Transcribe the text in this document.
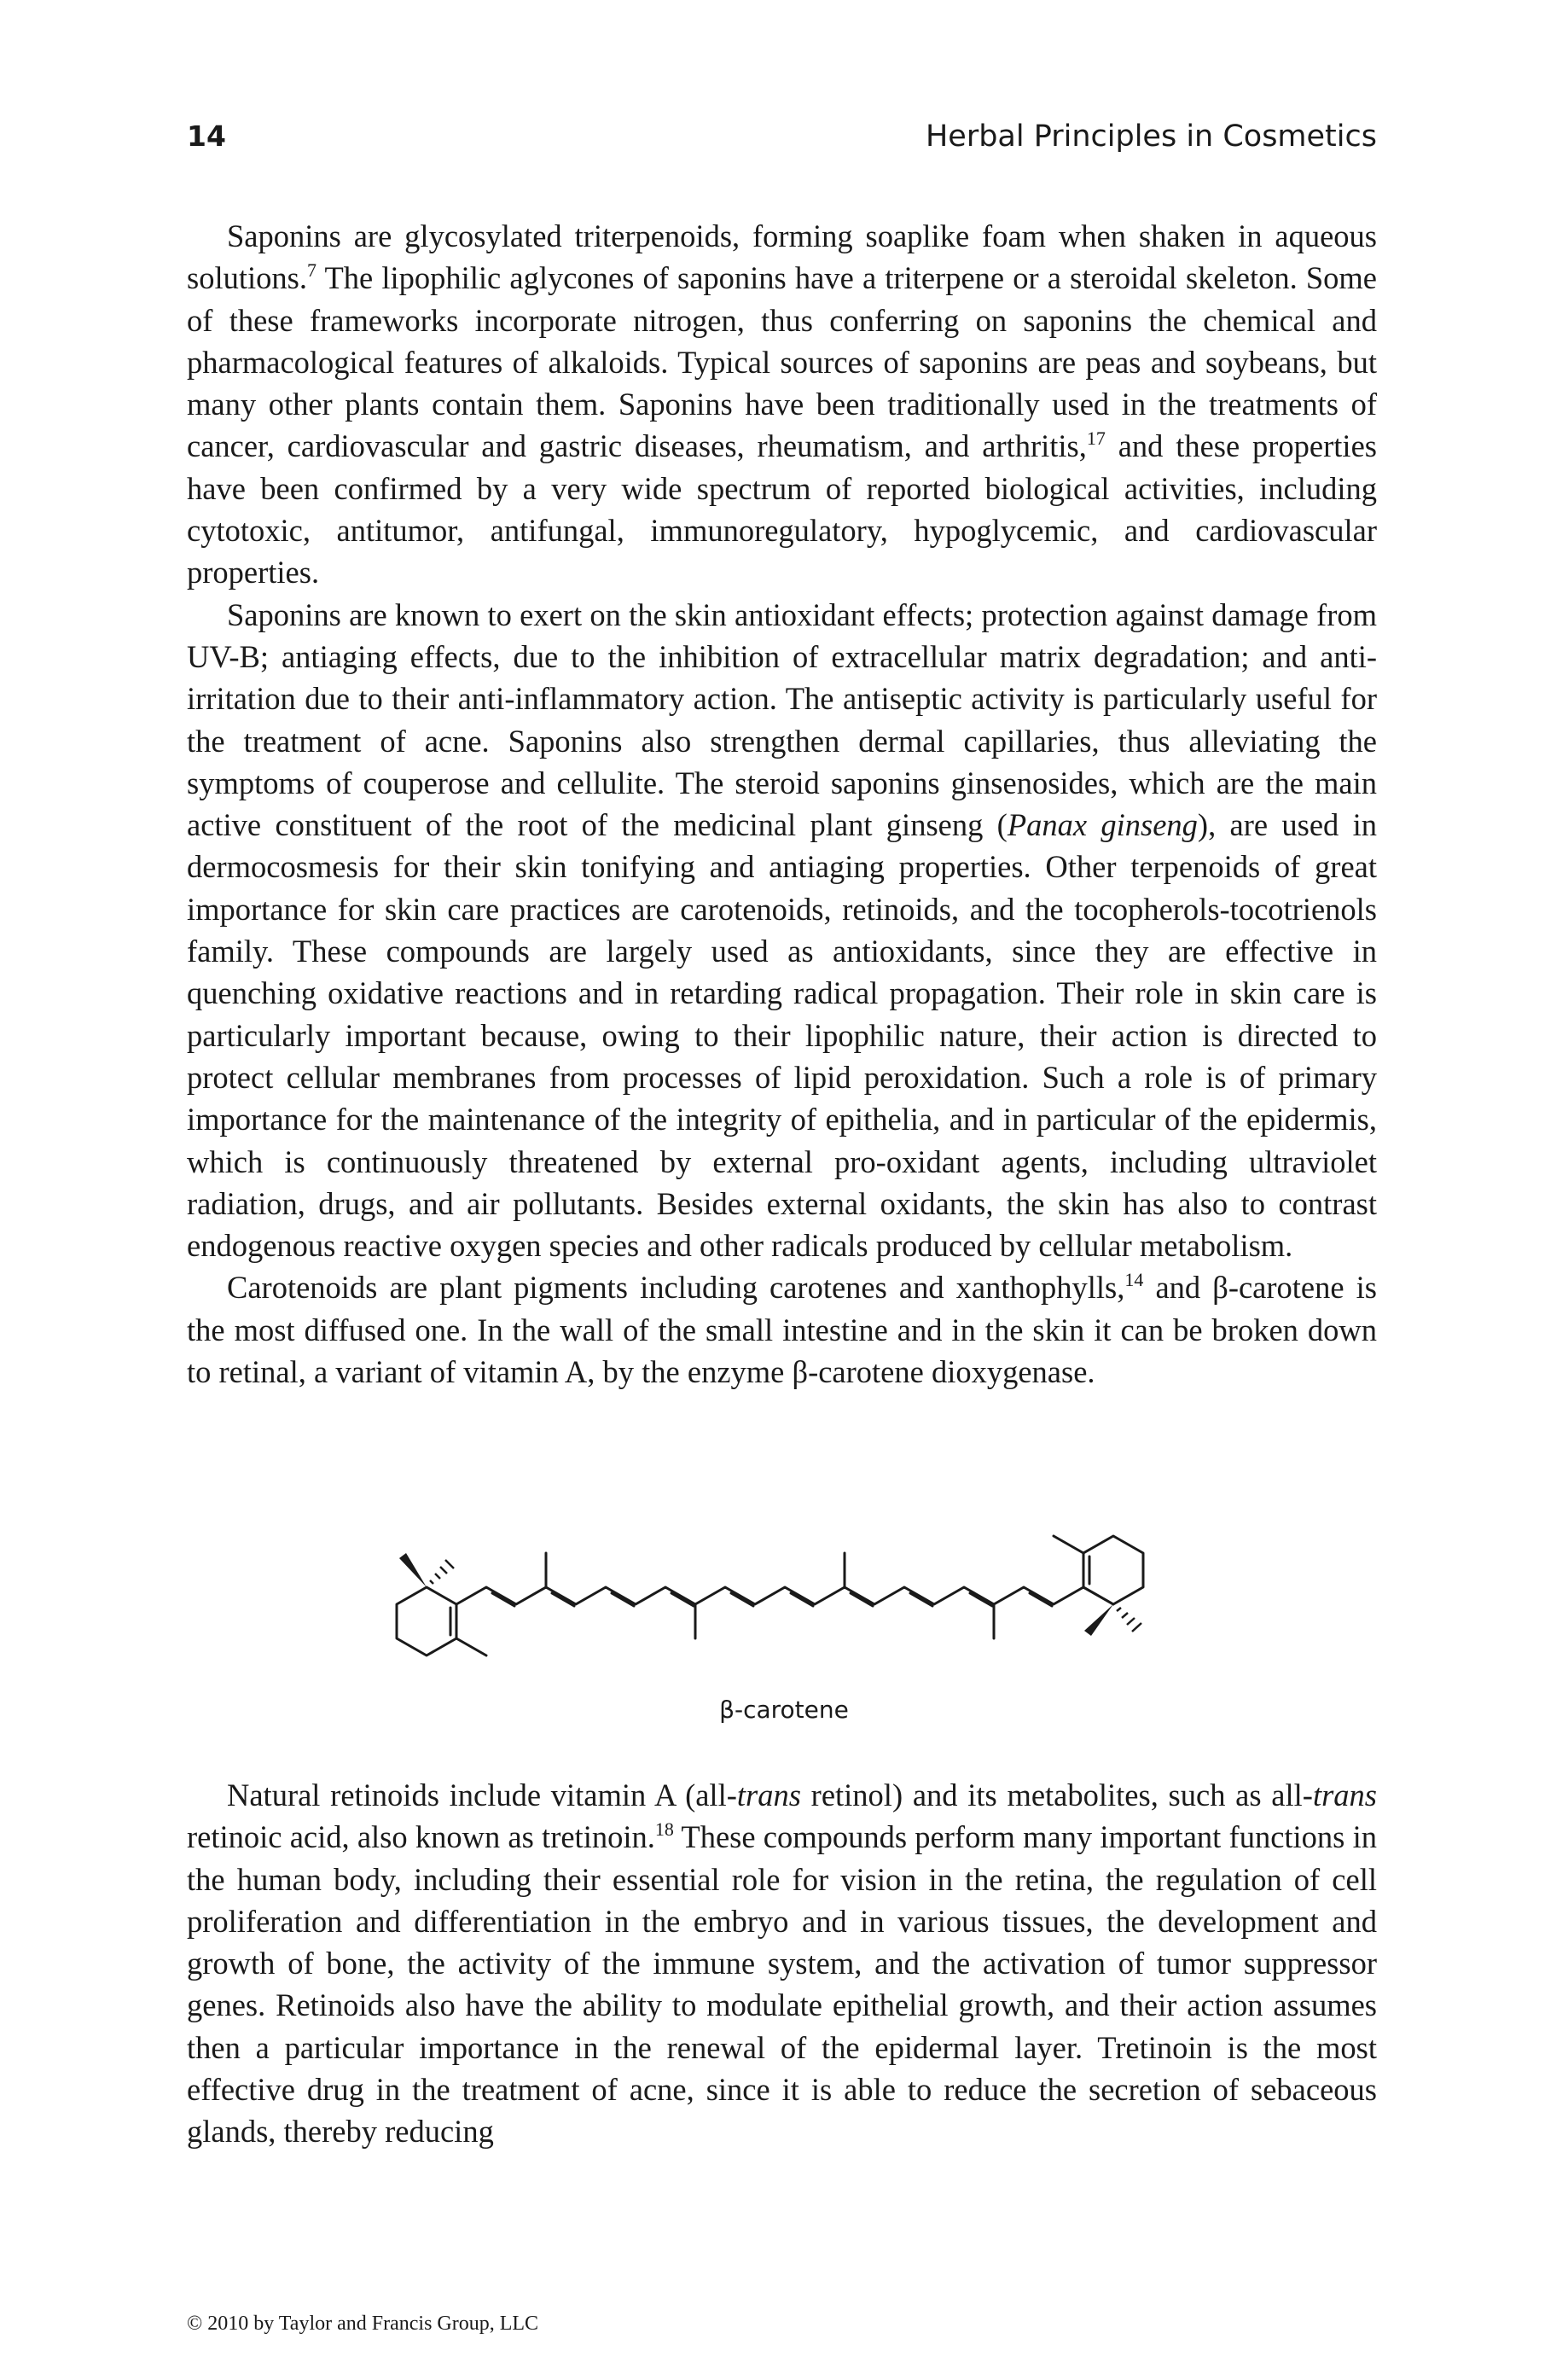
14	Herbal Principles in Cosmetics

Saponins are glycosylated triterpenoids, forming soaplike foam when shaken in aqueous solutions.$^7$ The lipophilic aglycones of saponins have a triterpene or a steroidal skeleton. Some of these frameworks incorporate nitrogen, thus conferring on saponins the chemical and pharmacological features of alkaloids. Typical sources of saponins are peas and soybeans, but many other plants contain them. Saponins have been traditionally used in the treatments of cancer, cardiovascular and gastric diseases, rheumatism, and arthritis,$^{17}$ and these properties have been confirmed by a very wide spectrum of reported biological activities, including cytotoxic, antitumor, antifungal, immunoregulatory, hypoglycemic, and cardiovascular properties.

Saponins are known to exert on the skin antioxidant effects; protection against damage from UV-B; antiaging effects, due to the inhibition of extracellular matrix degradation; and anti-irritation due to their anti-inflammatory action. The antiseptic activity is particularly useful for the treatment of acne. Saponins also strengthen dermal capillaries, thus alleviating the symptoms of couperose and cellulite. The steroid saponins ginsenosides, which are the main active constituent of the root of the medicinal plant ginseng (Panax ginseng), are used in dermocosmesis for their skin tonifying and antiaging properties. Other terpenoids of great importance for skin care practices are carotenoids, retinoids, and the tocopherols-tocotrienols family. These compounds are largely used as antioxidants, since they are effective in quenching oxidative reactions and in retarding radical propagation. Their role in skin care is particularly important because, owing to their lipophilic nature, their action is directed to protect cellular membranes from processes of lipid peroxidation. Such a role is of primary importance for the maintenance of the integrity of epithelia, and in particular of the epidermis, which is continuously threatened by external pro-oxidant agents, including ultraviolet radiation, drugs, and air pollutants. Besides external oxidants, the skin has also to contrast endogenous reactive oxygen species and other radicals produced by cellular metabolism.

Carotenoids are plant pigments including carotenes and xanthophylls,$^{14}$ and β-carotene is the most diffused one. In the wall of the small intestine and in the skin it can be broken down to retinal, a variant of vitamin A, by the enzyme β-carotene dioxygenase.

β-carotene

Natural retinoids include vitamin A (all-trans retinol) and its metabolites, such as all-trans retinoic acid, also known as tretinoin.$^{18}$ These compounds perform many important functions in the human body, including their essential role for vision in the retina, the regulation of cell proliferation and differentiation in the embryo and in various tissues, the development and growth of bone, the activity of the immune system, and the activation of tumor suppressor genes. Retinoids also have the ability to modulate epithelial growth, and their action assumes then a particular importance in the renewal of the epidermal layer. Tretinoin is the most effective drug in the treatment of acne, since it is able to reduce the secretion of sebaceous glands, thereby reducing

© 2010 by Taylor and Francis Group, LLC
